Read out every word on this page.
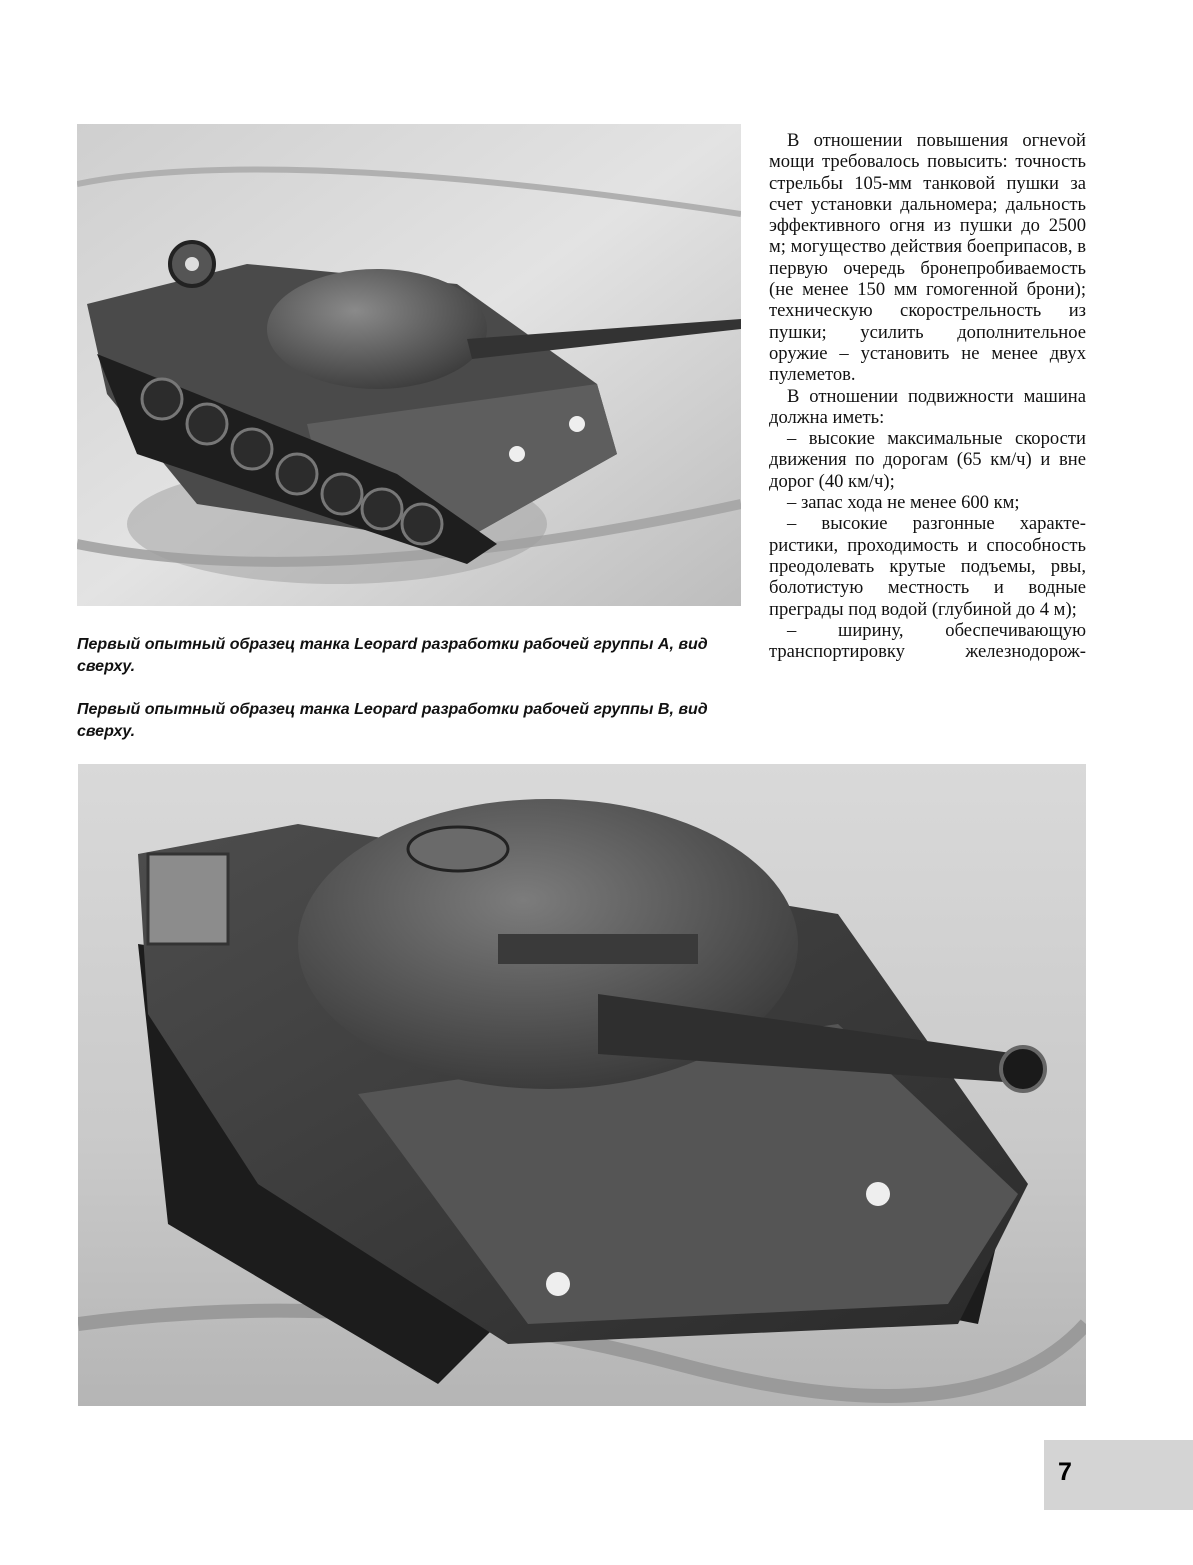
В отношении повышения огнеvой мощи требовалось повысить: точность стрельбы 105-мм танковой пушки за счет установки дальномера; дальность эффективного огня из пушки до 2500 м; могущество действия боеприпасов, в первую очередь бронепробиваемость (не менее 150 мм гомогенной брони); техническую скорострельность из пушки; усилить дополнительное оружие – установить не менее двух пулеметов.

В отношении подвижности машина должна иметь:

– высокие максимальные скорости движения по дорогам (65 км/ч) и вне дорог (40 км/ч);

– запас хода не менее 600 км;

– высокие разгонные характеристики, проходимость и способность преодолевать крутые подъемы, рвы, болотистую местность и водные преграды под водой (глубиной до 4 м);

– ширину, обеспечивающую транспортировку железнодорож-

Первый опытный образец танка Leopard разработки рабочей группы А, вид сверху.

Первый опытный образец танка Leopard разработки рабочей группы В, вид сверху.

7
